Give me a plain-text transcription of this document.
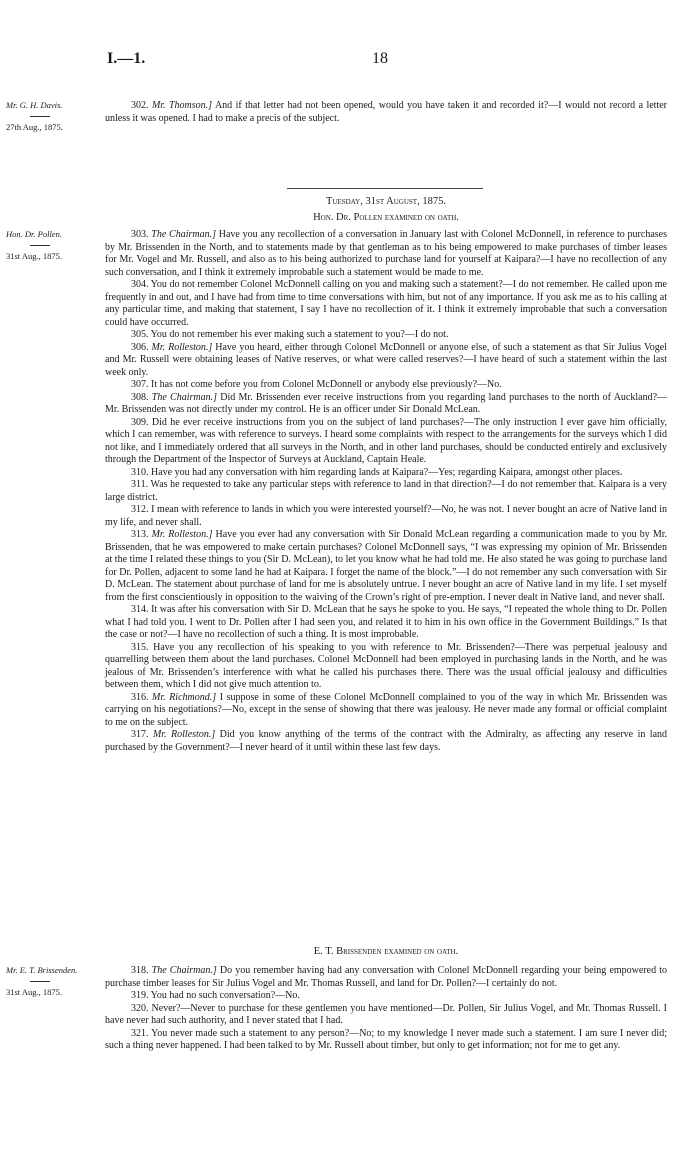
I.—1.	18
Mr. G. H. Davis.
27th Aug., 1875.

302. Mr. Thomson.] And if that letter had not been opened, would you have taken it and recorded it?—I would not record a letter unless it was opened. I had to make a precis of the subject.

Tuesday, 31st August, 1875.
Hon. Dr. Pollen examined on oath.
Hon. Dr. Pollen.
31st Aug., 1875.

303. The Chairman.] Have you any recollection of a conversation in January last with Colonel McDonnell, in reference to purchases by Mr. Brissenden in the North, and to statements made by that gentleman as to his being empowered to make purchases of timber leases for Mr. Vogel and Mr. Russell, and also as to his being authorized to purchase land for yourself at Kaipara?—I have no recollection of any such conversation, and I think it extremely improbable such a statement would be made to me.

304. You do not remember Colonel McDonnell calling on you and making such a statement?—I do not remember. He called upon me frequently in and out, and I have had from time to time conversations with him, but not of any importance. If you ask me as to his calling at any particular time, and making that statement, I say I have no recollection of it. I think it extremely improbable that such a conversation could have occurred.

305. You do not remember his ever making such a statement to you?—I do not.

306. Mr. Rolleston.] Have you heard, either through Colonel McDonnell or anyone else, of such a statement as that Sir Julius Vogel and Mr. Russell were obtaining leases of Native reserves, or what were called reserves?—I have heard of such a statement within the last week only.

307. It has not come before you from Colonel McDonnell or anybody else previously?—No.

308. The Chairman.] Did Mr. Brissenden ever receive instructions from you regarding land purchases to the north of Auckland?—Mr. Brissenden was not directly under my control. He is an officer under Sir Donald McLean.

309. Did he ever receive instructions from you on the subject of land purchases?—The only instruction I ever gave him officially, which I can remember, was with reference to surveys. I heard some complaints with respect to the arrangements for the surveys which I did not like, and I immediately ordered that all surveys in the North, and in other land purchases, should be conducted entirely and exclusively through the Department of the Inspector of Surveys at Auckland, Captain Heale.

310. Have you had any conversation with him regarding lands at Kaipara?—Yes; regarding Kaipara, amongst other places.

311. Was he requested to take any particular steps with reference to land in that direction?—I do not remember that. Kaipara is a very large district.

312. I mean with reference to lands in which you were interested yourself?—No, he was not. I never bought an acre of Native land in my life, and never shall.

313. Mr. Rolleston.] Have you ever had any conversation with Sir Donald McLean regarding a communication made to you by Mr. Brissenden, that he was empowered to make certain purchases? Colonel McDonnell says, “I was expressing my opinion of Mr. Brissenden at the time I related these things to you (Sir D. McLean), to let you know what he had told me. He also stated he was going to purchase land for Dr. Pollen, adjacent to some land he had at Kaipara. I forget the name of the block.”—I do not remember any such conversation with Sir D. McLean. The statement about purchase of land for me is absolutely untrue. I never bought an acre of Native land in my life. I set myself from the first conscientiously in opposition to the waiving of the Crown’s right of pre-emption. I never dealt in Native land, and never shall.

314. It was after his conversation with Sir D. McLean that he says he spoke to you. He says, “I repeated the whole thing to Dr. Pollen what I had told you. I went to Dr. Pollen after I had seen you, and related it to him in his own office in the Government Buildings.” Is that the case or not?—I have no recollection of such a thing. It is most improbable.

315. Have you any recollection of his speaking to you with reference to Mr. Brissenden?—There was perpetual jealousy and quarrelling between them about the land purchases. Colonel McDonnell had been employed in purchasing lands in the North, and he was jealous of Mr. Brissenden’s interference with what he called his purchases there. There was the usual official jealousy and difficulties between them, which I did not give much attention to.

316. Mr. Richmond.] I suppose in some of these Colonel McDonnell complained to you of the way in which Mr. Brissenden was carrying on his negotiations?—No, except in the sense of showing that there was jealousy. He never made any formal or official complaint to me on the subject.

317. Mr. Rolleston.] Did you know anything of the terms of the contract with the Admiralty, as affecting any reserve in land purchased by the Government?—I never heard of it until within these last few days.

E. T. Brissenden examined on oath.
Mr. E. T. Brissenden.
31st Aug., 1875.

318. The Chairman.] Do you remember having had any conversation with Colonel McDonnell regarding your being empowered to purchase timber leases for Sir Julius Vogel and Mr. Thomas Russell, and land for Dr. Pollen?—I certainly do not.

319. You had no such conversation?—No.

320. Never?—Never to purchase for these gentlemen you have mentioned—Dr. Pollen, Sir Julius Vogel, and Mr. Thomas Russell. I have never had such authority, and I never stated that I had.

321. You never made such a statement to any person?—No; to my knowledge I never made such a statement. I am sure I never did; such a thing never happened. I had been talked to by Mr. Russell about timber, but only to get information; not for me to get any.
